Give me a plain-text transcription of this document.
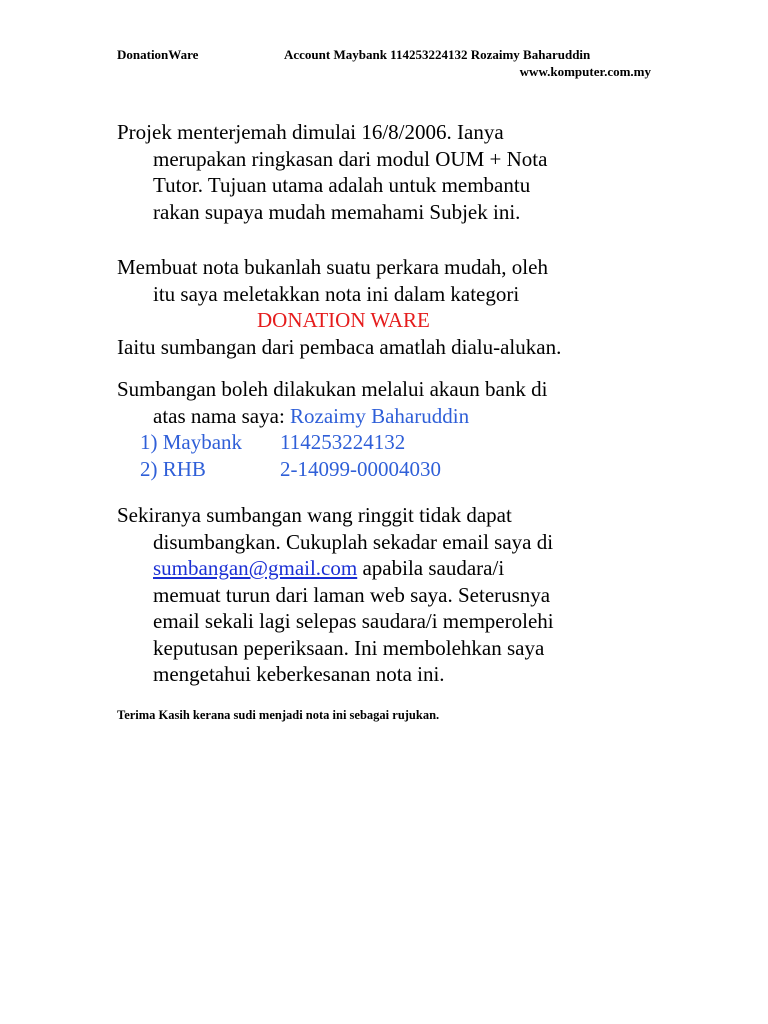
DonationWare	Account Maybank 114253224132 Rozaimy Baharuddin
www.komputer.com.my
Projek menterjemah dimulai 16/8/2006. Ianya
merupakan ringkasan dari modul OUM + Nota
Tutor. Tujuan utama adalah untuk membantu
rakan supaya mudah memahami Subjek ini.
Membuat nota bukanlah suatu perkara mudah, oleh
itu saya meletakkan nota ini dalam kategori
DONATION WARE
Iaitu sumbangan dari pembaca amatlah dialu-alukan.
Sumbangan boleh dilakukan melalui akaun bank di
atas nama saya: Rozaimy Baharuddin
1) Maybank 114253224132
2) RHB	2-14099-00004030
Sekiranya sumbangan wang ringgit tidak dapat
disumbangkan. Cukuplah sekadar email saya di
sumbangan@gmail.com apabila saudara/i
memuat turun dari laman web saya. Seterusnya
email sekali lagi selepas saudara/i memperolehi
keputusan peperiksaan. Ini membolehkan saya
mengetahui keberkesanan nota ini.
Terima Kasih kerana sudi menjadi nota ini sebagai rujukan.
